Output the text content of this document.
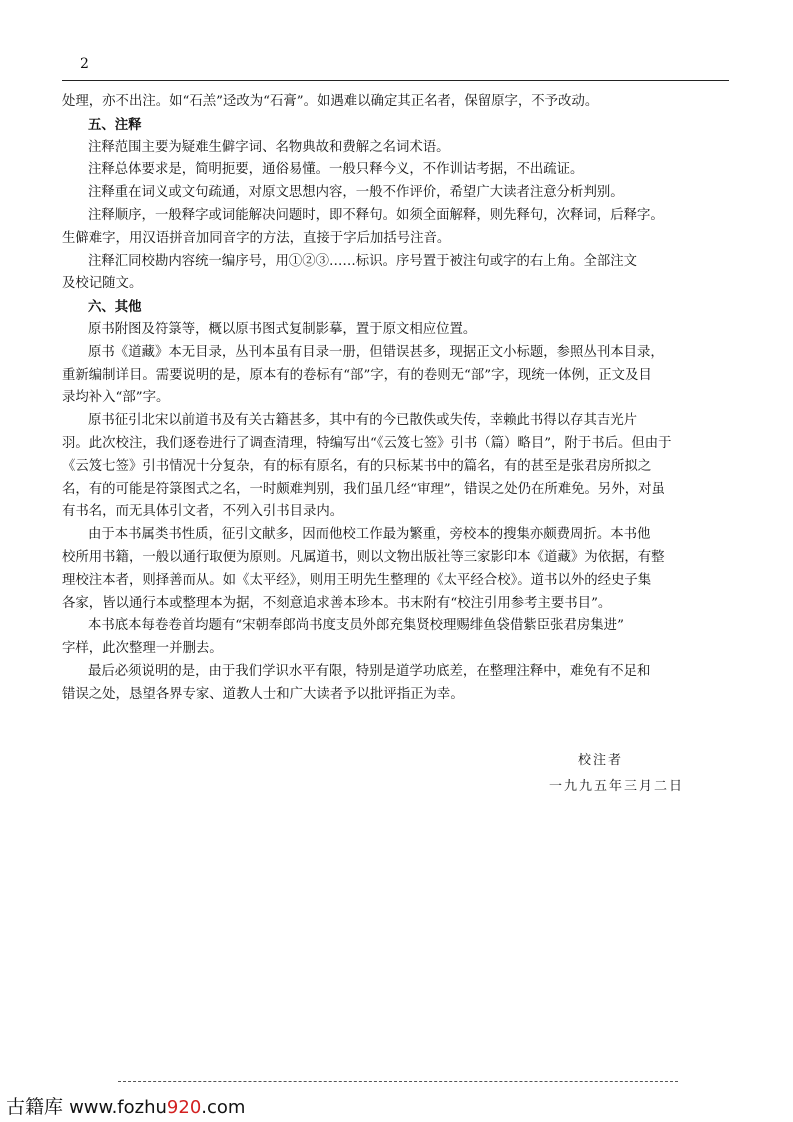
2
处理，亦不出注。如“石羔”迳改为“石膏”。如遇难以确定其正名者，保留原字，不予改动。
五、注释
注释范围主要为疑难生僻字词、名物典故和费解之名词术语。
注释总体要求是，简明扼要，通俗易懂。一般只释今义，不作训诂考据，不出疏证。
注释重在词义或文句疏通，对原文思想内容，一般不作评价，希望广大读者注意分析判别。
注释顺序，一般释字或词能解决问题时，即不释句。如须全面解释，则先释句，次释词，后释字。
生僻难字，用汉语拼音加同音字的方法，直接于字后加括号注音。
注释汇同校勘内容统一编序号，用①②③……标识。序号置于被注句或字的右上角。全部注文
及校记随文。
六、其他
原书附图及符箓等，概以原书图式复制影摹，置于原文相应位置。
原书《道藏》本无目录，丛刊本虽有目录一册，但错误甚多，现据正文小标题，参照丛刊本目录，
重新编制详目。需要说明的是，原本有的卷标有“部”字，有的卷则无“部”字，现统一体例，正文及目
录均补入“部”字。
原书征引北宋以前道书及有关古籍甚多，其中有的今已散佚或失传，幸赖此书得以存其吉光片
羽。此次校注，我们逐卷进行了调查清理，特编写出“《云笈七签》引书（篇）略目”，附于书后。但由于
《云笈七签》引书情况十分复杂，有的标有原名，有的只标某书中的篇名，有的甚至是张君房所拟之
名，有的可能是符箓图式之名，一时颇难判别，我们虽几经“审理”，错误之处仍在所难免。另外，对虽
有书名，而无具体引文者，不列入引书目录内。
由于本书属类书性质，征引文献多，因而他校工作最为繁重，旁校本的搜集亦颇费周折。本书他
校所用书籍，一般以通行取便为原则。凡属道书，则以文物出版社等三家影印本《道藏》为依据，有整
理校注本者，则择善而从。如《太平经》，则用王明先生整理的《太平经合校》。道书以外的经史子集
各家，皆以通行本或整理本为据，不刻意追求善本珍本。书末附有“校注引用参考主要书目”。
本书底本每卷卷首均题有“宋朝奉郎尚书度支员外郎充集贤校理赐绯鱼袋借紫臣张君房集进”
字样，此次整理一并删去。
最后必须说明的是，由于我们学识水平有限，特别是道学功底差，在整理注释中，难免有不足和
错误之处，恳望各界专家、道教人士和广大读者予以批评指正为幸。
校注者
一九九五年三月二日
古籍库 www.fozhu920.com
